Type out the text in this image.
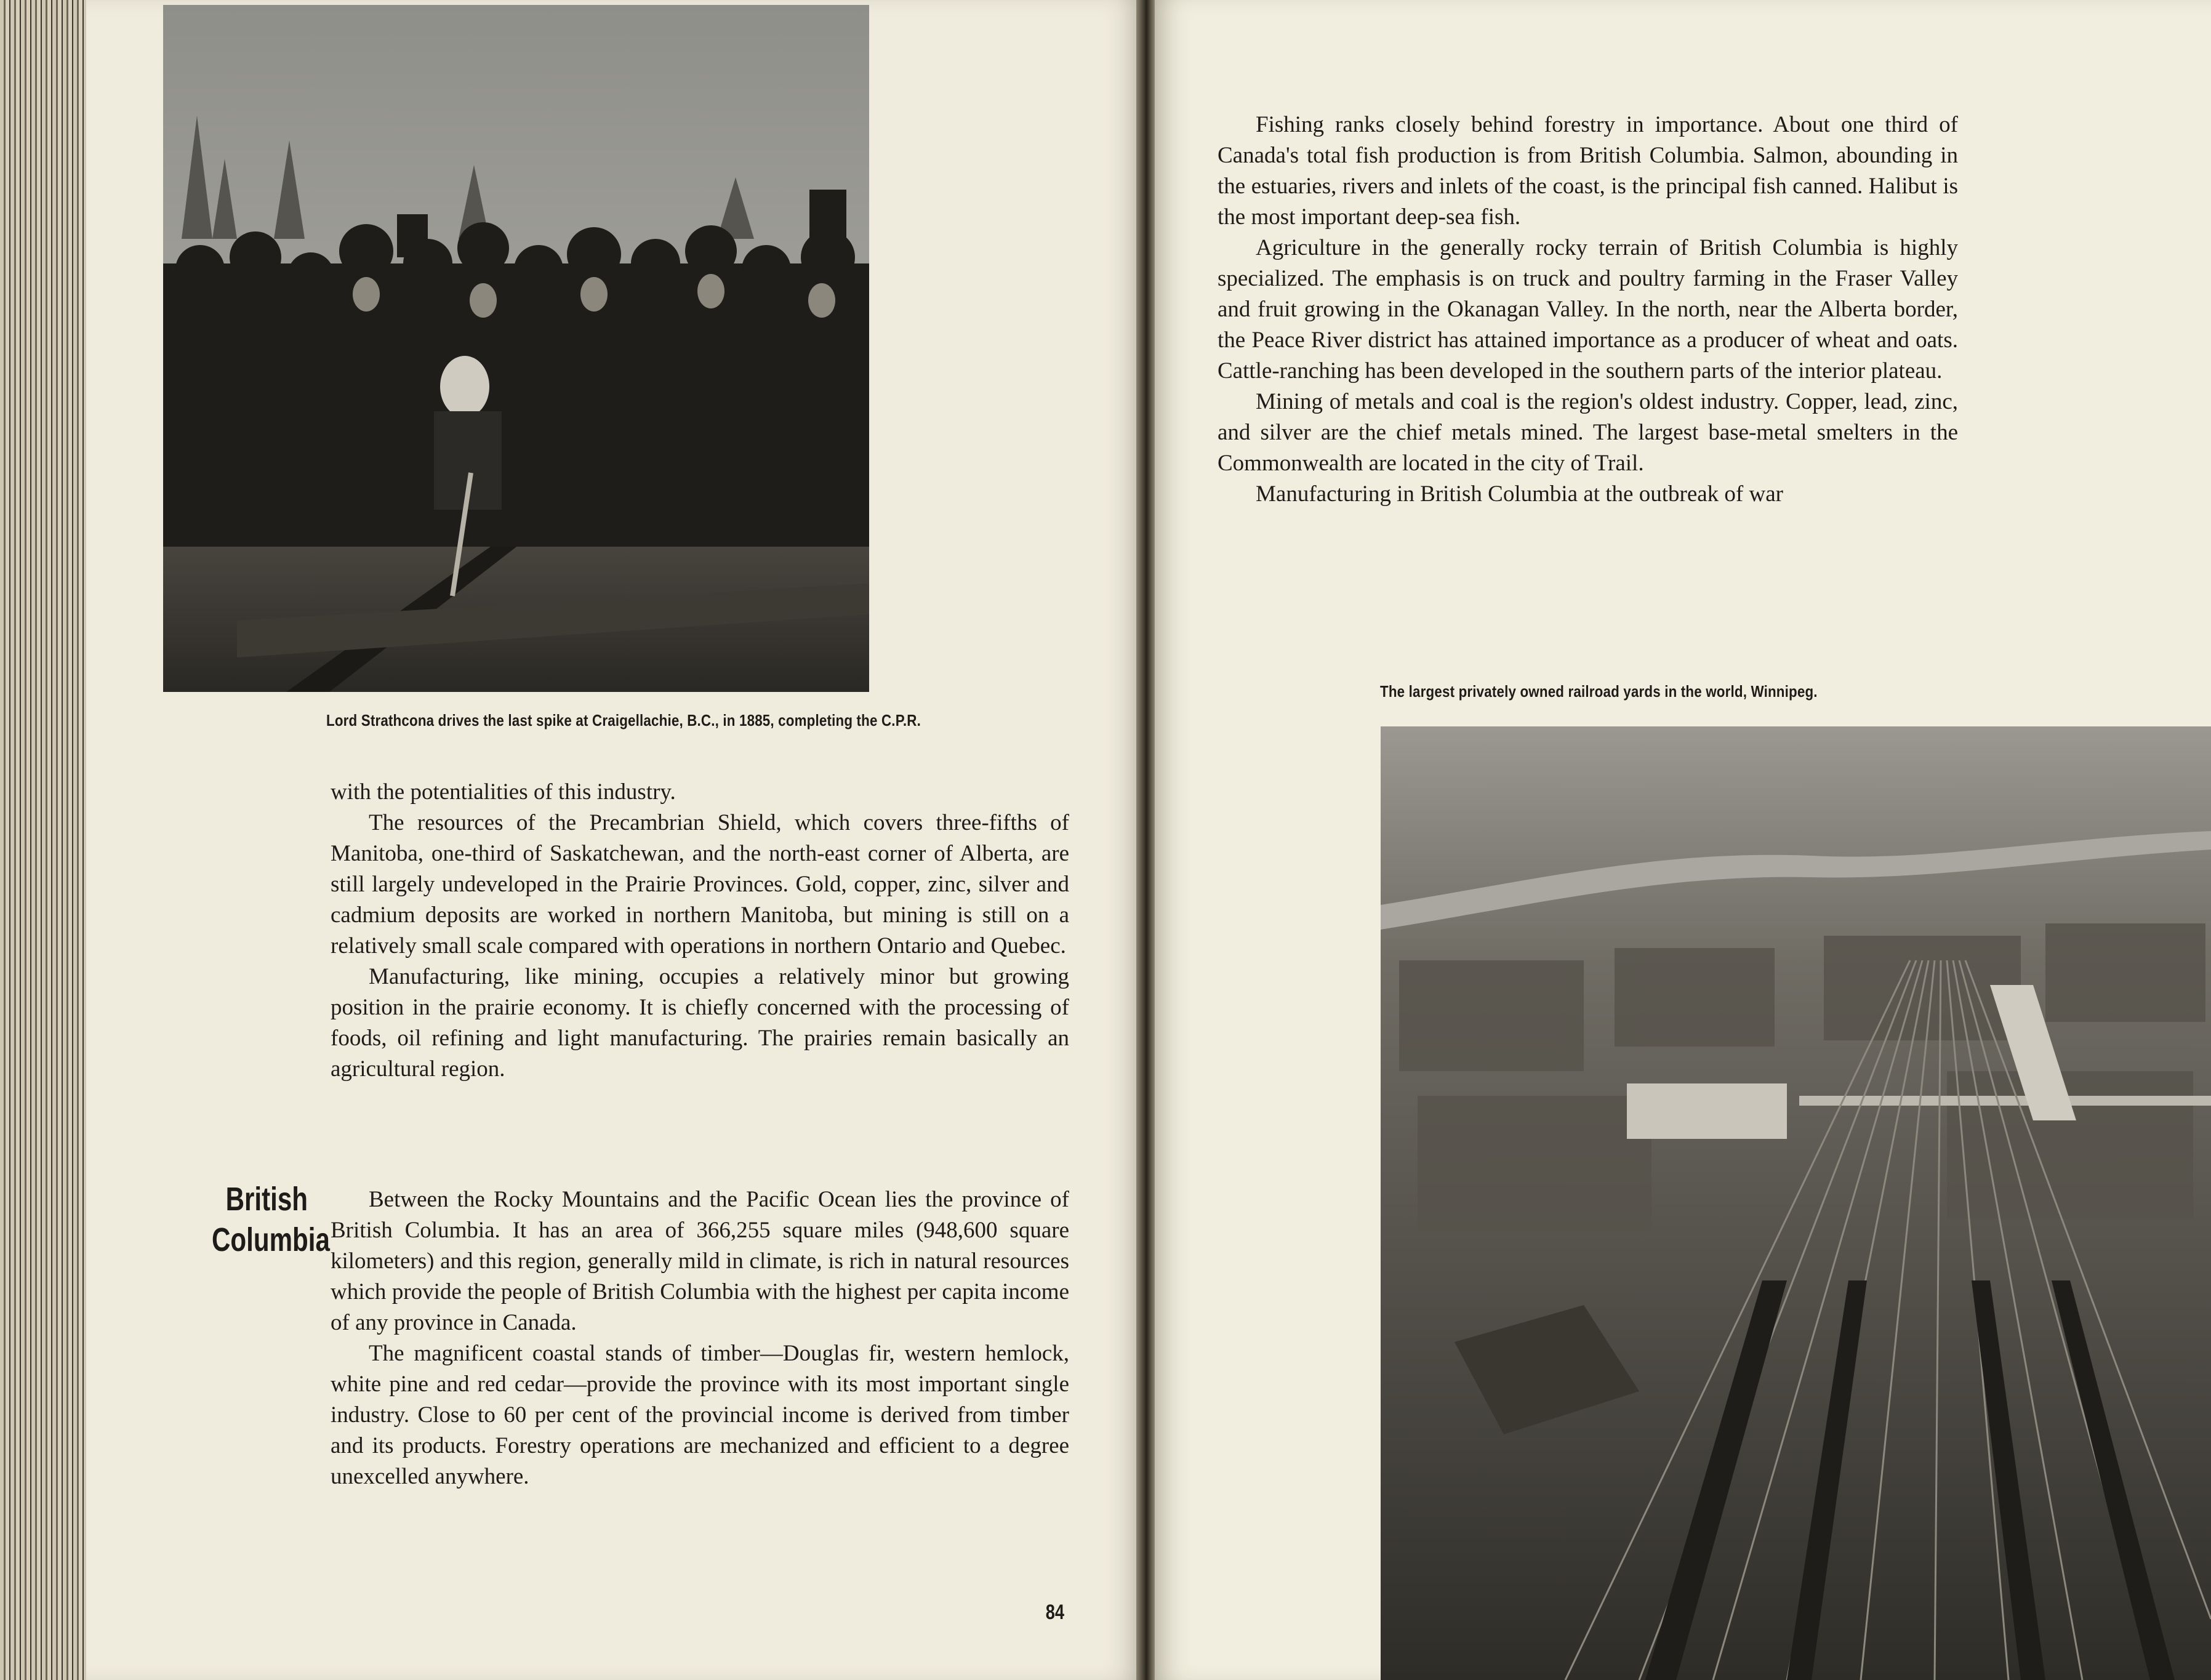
Lord Strathcona drives the last spike at Craigellachie, B.C., in 1885, completing the C.P.R.

with the potentialities of this industry.

The resources of the Precambrian Shield, which covers three-fifths of Manitoba, one-third of Saskatchewan, and the north-east corner of Alberta, are still largely undeveloped in the Prairie Provinces. Gold, copper, zinc, silver and cadmium deposits are worked in northern Manitoba, but mining is still on a relatively small scale compared with operations in northern Ontario and Quebec.

Manufacturing, like mining, occupies a relatively minor but growing position in the prairie economy. It is chiefly concerned with the processing of foods, oil refining and light manufacturing. The prairies remain basically an agricultural region.

British Columbia

Between the Rocky Mountains and the Pacific Ocean lies the province of British Columbia. It has an area of 366,255 square miles (948,600 square kilometers) and this region, generally mild in climate, is rich in natural resources which provide the people of British Columbia with the highest per capita income of any province in Canada.

The magnificent coastal stands of timber—Douglas fir, western hemlock, white pine and red cedar—provide the province with its most important single industry. Close to 60 per cent of the provincial income is derived from timber and its products. Forestry operations are mechanized and efficient to a degree unexcelled anywhere.

84

Fishing ranks closely behind forestry in importance. About one third of Canada's total fish production is from British Columbia. Salmon, abounding in the estuaries, rivers and inlets of the coast, is the principal fish canned. Halibut is the most important deep-sea fish.

Agriculture in the generally rocky terrain of British Columbia is highly specialized. The emphasis is on truck and poultry farming in the Fraser Valley and fruit growing in the Okanagan Valley. In the north, near the Alberta border, the Peace River district has attained importance as a producer of wheat and oats. Cattle-ranching has been developed in the southern parts of the interior plateau.

Mining of metals and coal is the region's oldest industry. Copper, lead, zinc, and silver are the chief metals mined. The largest base-metal smelters in the Commonwealth are located in the city of Trail.

Manufacturing in British Columbia at the outbreak of war

The largest privately owned railroad yards in the world, Winnipeg.
